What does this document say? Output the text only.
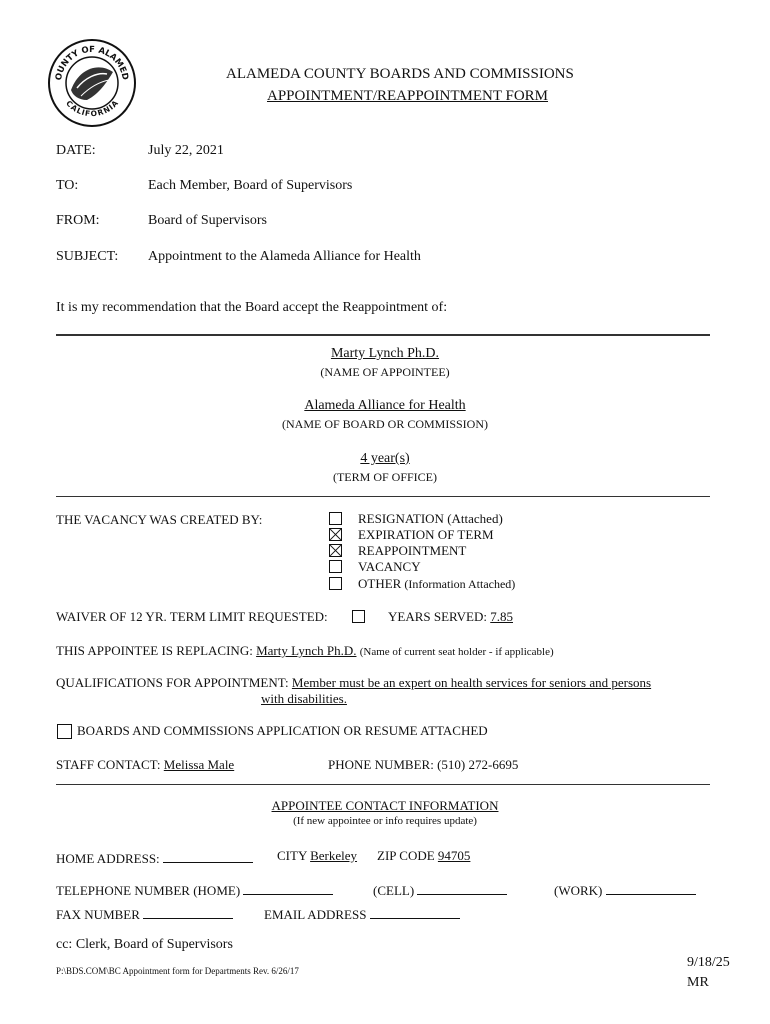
OUNTY OF ALAMED
CALIFORNIA
ALAMEDA COUNTY BOARDS AND COMMISSIONS
APPOINTMENT/REAPPOINTMENT FORM
DATE:	July 22, 2021
TO:	Each Member, Board of Supervisors
FROM:	Board of Supervisors
SUBJECT: Appointment to the Alameda Alliance for Health
It is my recommendation that the Board accept the Reappointment of:
Marty Lynch Ph.D.
(NAME OF APPOINTEE)
Alameda Alliance for Health
(NAME OF BOARD OR COMMISSION)
4 year(s)
(TERM OF OFFICE)
THE VACANCY WAS CREATED BY:	RESIGNATION (Attached)
EXPIRATION OF TERM
REAPPOINTMENT
VACANCY
OTHER (Information Attached)
WAIVER OF 12 YR. TERM LIMIT REQUESTED:	YEARS SERVED: 7.85
THIS APPOINTEE IS REPLACING: Marty Lynch Ph.D. (Name of current seat holder - if applicable)
QUALIFICATIONS FOR APPOINTMENT: Member must be an expert on health services for seniors and persons
with disabilities.
BOARDS AND COMMISSIONS APPLICATION OR RESUME ATTACHED
STAFF CONTACT: Melissa Male	PHONE NUMBER: (510) 272-6695
APPOINTEE CONTACT INFORMATION
(If new appointee or info requires update)
HOME ADDRESS:	CITY Berkeley ZIP CODE 94705
TELEPHONE NUMBER (HOME)	(CELL)	(WORK)
FAX NUMBER	EMAIL ADDRESS
cc: Clerk, Board of Supervisors
P:\BDS.COM\BC Appointment form for Departments Rev. 6/26/17
9/18/25
MR
